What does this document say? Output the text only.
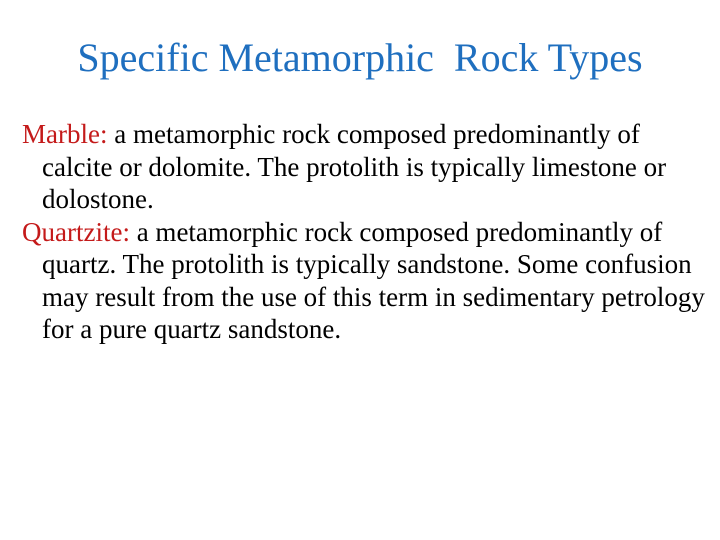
Specific Metamorphic  Rock Types

Marble: a metamorphic rock composed predominantly of calcite or dolomite. The protolith is typically limestone or dolostone.

Quartzite: a metamorphic rock composed predominantly of quartz. The protolith is typically sandstone. Some confusion may result from the use of this term in sedimentary petrology for a pure quartz sandstone.
